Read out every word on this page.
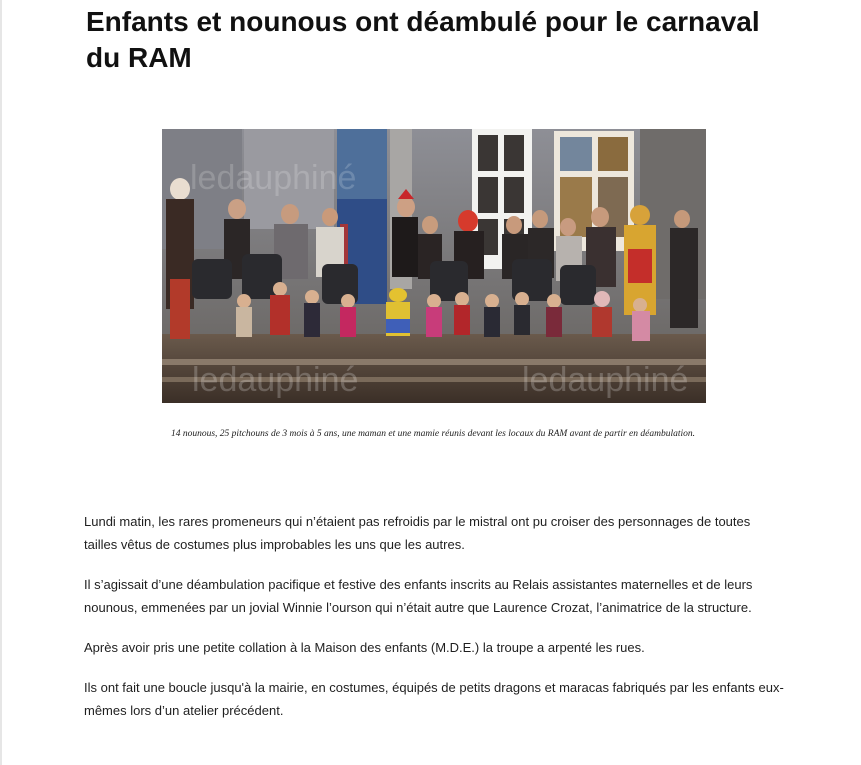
Enfants et nounous ont déambulé pour le carnaval du RAM
ledauphiné
ledauphiné	ledauphiné

14 nounous, 25 pitchouns de 3 mois à 5 ans, une maman et une mamie réunis devant les locaux du RAM avant de partir en déambulation.

Lundi matin, les rares promeneurs qui n’étaient pas refroidis par le mistral ont pu croiser des personnages de toutes tailles vêtus de costumes plus improbables les uns que les autres.

Il s’agissait d’une déambulation pacifique et festive des enfants inscrits au Relais assistantes maternelles et de leurs nounous, emmenées par un jovial Winnie l’ourson qui n’était autre que Laurence Crozat, l’animatrice de la structure.

Après avoir pris une petite collation à la Maison des enfants (M.D.E.) la troupe a arpenté les rues.

Ils ont fait une boucle jusqu'à la mairie, en costumes, équipés de petits dragons et maracas fabriqués par les enfants eux-mêmes lors d’un atelier précédent.
